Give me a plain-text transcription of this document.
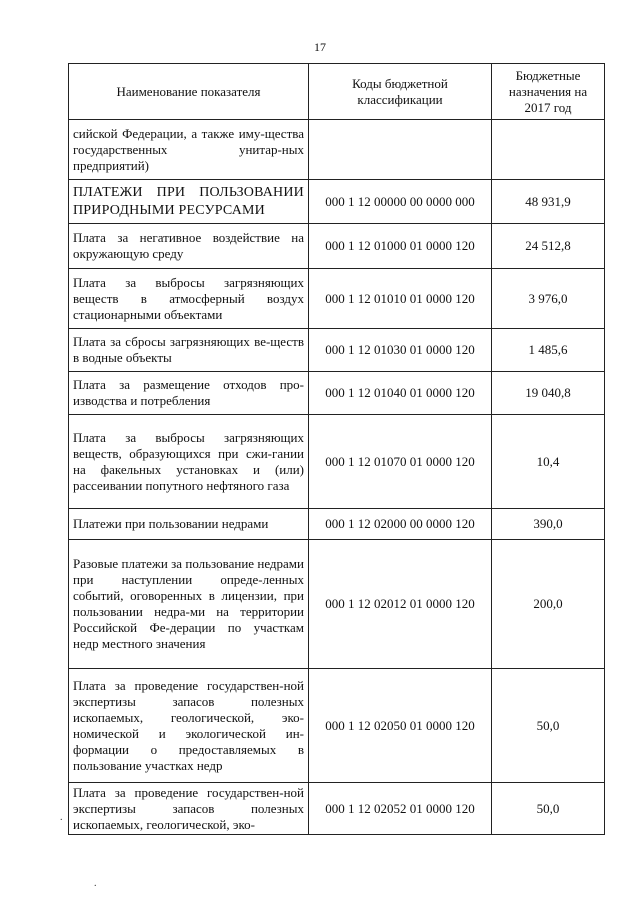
17
Наименование показателя	Коды бюджетной классификации	Бюджетные назначения на 2017 год
сийской Федерации, а также иму-щества государственных унитар-ных предприятий)		
ПЛАТЕЖИ ПРИ ПОЛЬЗОВАНИИ ПРИРОДНЫМИ РЕСУРСАМИ	000 1 12 00000 00 0000 000	48 931,9
Плата за негативное воздействие на окружающую среду	000 1 12 01000 01 0000 120	24 512,8
Плата за выбросы загрязняющих веществ в атмосферный воздух стационарными объектами	000 1 12 01010 01 0000 120	3 976,0
Плата за сбросы загрязняющих ве-ществ в водные объекты	000 1 12 01030 01 0000 120	1 485,6
Плата за размещение отходов про-изводства и потребления	000 1 12 01040 01 0000 120	19 040,8
Плата за выбросы загрязняющих веществ, образующихся при сжи-гании на факельных установках и (или) рассеивании попутного нефтяного газа	000 1 12 01070 01 0000 120	10,4
Платежи при пользовании недрами	000 1 12 02000 00 0000 120	390,0
Разовые платежи за пользование недрами при наступлении опреде-ленных событий, оговоренных в лицензии, при пользовании недра-ми на территории Российской Фе-дерации по участкам недр местного значения	000 1 12 02012 01 0000 120	200,0
Плата за проведение государствен-ной экспертизы запасов полезных ископаемых, геологической, эко-номической и экологической ин-формации о предоставляемых в пользование участках недр	000 1 12 02050 01 0000 120	50,0
Плата за проведение государствен-ной экспертизы запасов полезных ископаемых, геологической, эко-	000 1 12 02052 01 0000 120	50,0
.
.
